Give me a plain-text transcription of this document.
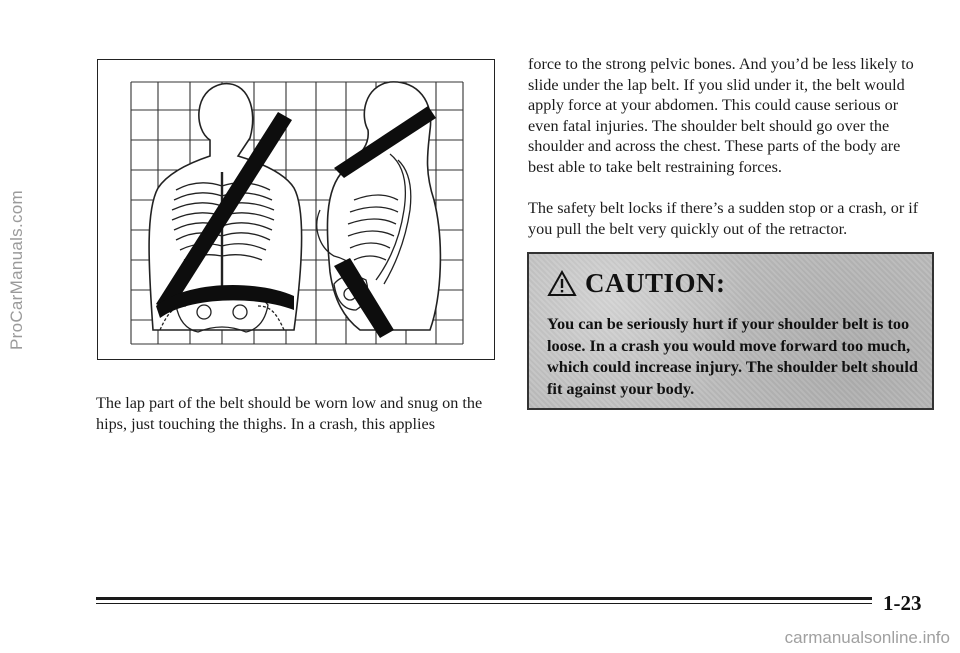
ProCarManuals.com

The lap part of the belt should be worn low and snug on the hips, just touching the thighs. In a crash, this applies

force to the strong pelvic bones. And you’d be less likely to slide under the lap belt. If you slid under it, the belt would apply force at your abdomen. This could cause serious or even fatal injuries. The shoulder belt should go over the shoulder and across the chest. These parts of the body are best able to take belt restraining forces.

The safety belt locks if there’s a sudden stop or a crash, or if you pull the belt very quickly out of the retractor.

CAUTION:

You can be seriously hurt if your shoulder belt is too loose. In a crash you would move forward too much, which could increase injury. The shoulder belt should fit against your body.

1-23
carmanualsonline.info
